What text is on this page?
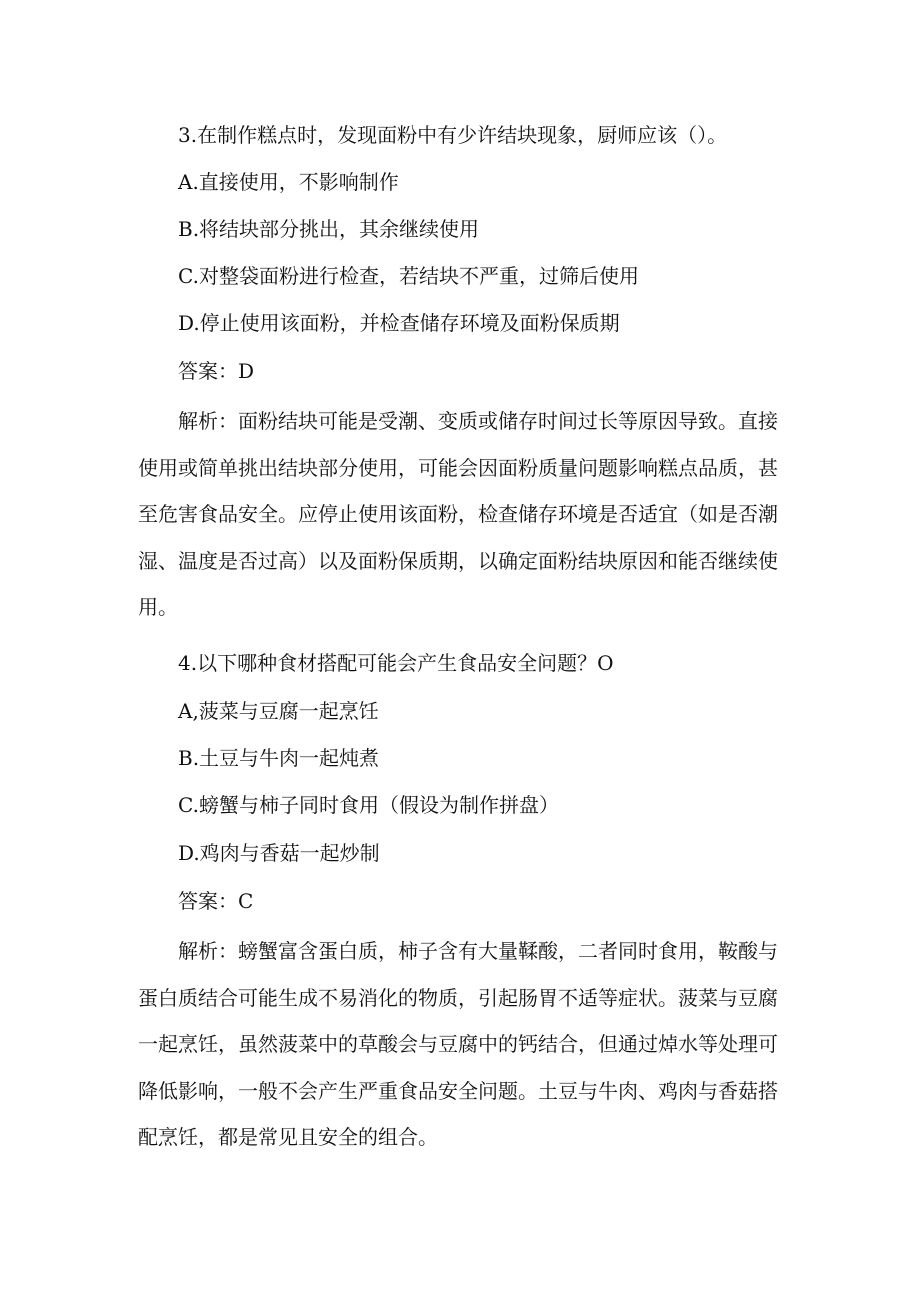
3.在制作糕点时，发现面粉中有少许结块现象，厨师应该（）。

A.直接使用，不影响制作

B.将结块部分挑出，其余继续使用

C.对整袋面粉进行检查，若结块不严重，过筛后使用

D.停止使用该面粉，并检查储存环境及面粉保质期

答案：D

解析：面粉结块可能是受潮、变质或储存时间过长等原因导致。直接
使用或简单挑出结块部分使用，可能会因面粉质量问题影响糕点品质，甚
至危害食品安全。应停止使用该面粉，检查储存环境是否适宜（如是否潮
湿、温度是否过高）以及面粉保质期，以确定面粉结块原因和能否继续使
用。

4.以下哪种食材搭配可能会产生食品安全问题？O

A,菠菜与豆腐一起烹饪

B.土豆与牛肉一起炖煮

C.螃蟹与柿子同时食用（假设为制作拼盘）

D.鸡肉与香菇一起炒制

答案：C

解析：螃蟹富含蛋白质，柿子含有大量鞣酸，二者同时食用，鞍酸与
蛋白质结合可能生成不易消化的物质，引起肠胃不适等症状。菠菜与豆腐
一起烹饪，虽然菠菜中的草酸会与豆腐中的钙结合，但通过焯水等处理可
降低影响，一般不会产生严重食品安全问题。土豆与牛肉、鸡肉与香菇搭
配烹饪，都是常见且安全的组合。
